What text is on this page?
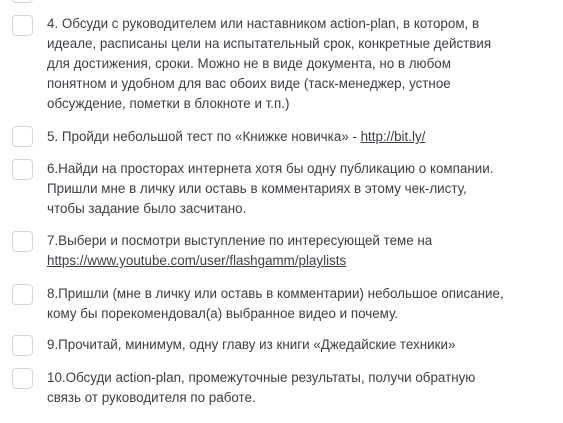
4. Обсуди с руководителем или наставником action-plan, в котором, в
идеале, расписаны цели на испытательный срок, конкретные действия
для достижения, сроки. Можно не в виде документа, но в любом
понятном и удобном для вас обоих виде (таск-менеджер, устное
обсуждение, пометки в блокноте и т.п.)
5. Пройди небольшой тест по «Книжке новичка» - http://bit.ly/
6.Найди на просторах интернета хотя бы одну публикацию о компании.
Пришли мне в личку или оставь в комментариях в этому чек-листу,
чтобы задание было засчитано.
7.Выбери и посмотри выступление по интересующей теме на
https://www.youtube.com/user/flashgamm/playlists
8.Пришли (мне в личку или оставь в комментарии) небольшое описание,
кому бы порекомендовал(а) выбранное видео и почему.
9.Прочитай, минимум, одну главу из книги «Джедайские техники»
10.Обсуди action-plan, промежуточные результаты, получи обратную
связь от руководителя по работе.
